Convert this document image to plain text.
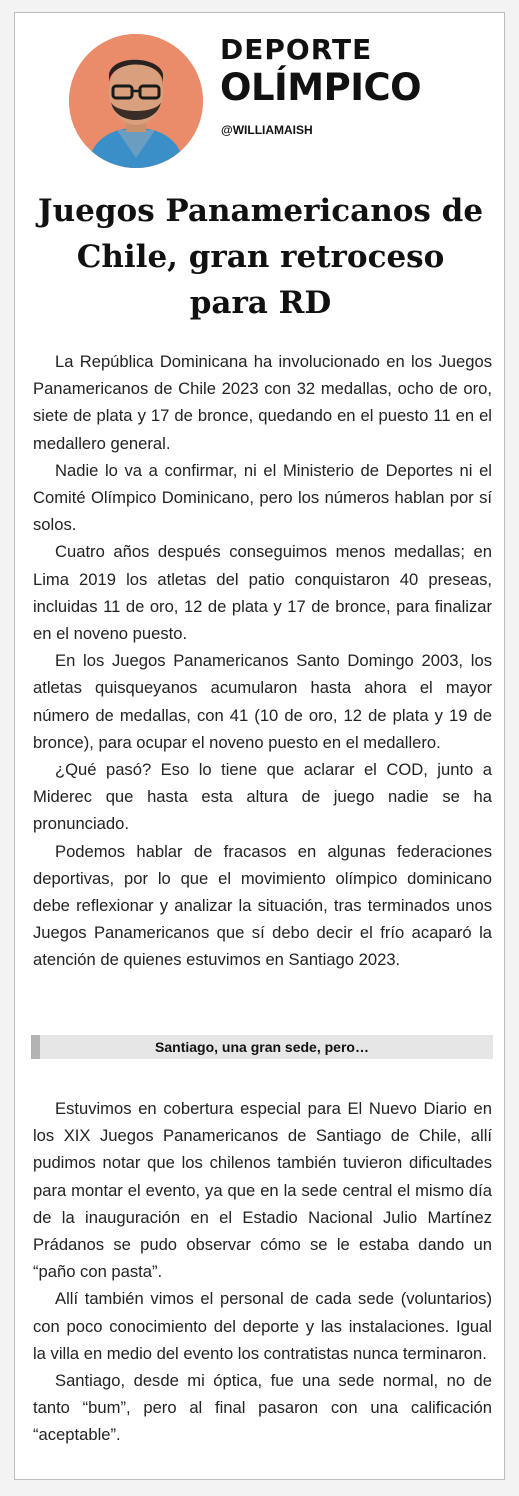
DEPORTE
OLÍMPICO
@WILLIAMAISH
Juegos Panamericanos de Chile, gran retroceso para RD

La República Dominicana ha involucionado en los Juegos Panamericanos de Chile 2023 con 32 medallas, ocho de oro, siete de plata y 17 de bronce, quedando en el puesto 11 en el medallero general.

Nadie lo va a confirmar, ni el Ministerio de Deportes ni el Comité Olímpico Dominicano, pero los números hablan por sí solos.

Cuatro años después conseguimos menos medallas; en Lima 2019 los atletas del patio conquistaron 40 preseas, incluidas 11 de oro, 12 de plata y 17 de bronce, para finalizar en el noveno puesto.

En los Juegos Panamericanos Santo Domingo 2003, los atletas quisqueyanos acumularon hasta ahora el mayor número de medallas, con 41 (10 de oro, 12 de plata y 19 de bronce), para ocupar el noveno puesto en el medallero.

¿Qué pasó? Eso lo tiene que aclarar el COD, junto a Miderec que hasta esta altura de juego nadie se ha pronunciado.

Podemos hablar de fracasos en algunas federaciones deportivas, por lo que el movimiento olímpico dominicano debe reflexionar y analizar la situación, tras terminados unos Juegos Panamericanos que sí debo decir el frío acaparó la atención de quienes estuvimos en Santiago 2023.

Santiago, una gran sede, pero…

Estuvimos en cobertura especial para El Nuevo Diario en los XIX Juegos Panamericanos de Santiago de Chile, allí pudimos notar que los chilenos también tuvieron dificultades para montar el evento, ya que en la sede central el mismo día de la inauguración en el Estadio Nacional Julio Martínez Prádanos se pudo observar cómo se le estaba dando un “paño con pasta”.

Allí también vimos el personal de cada sede (voluntarios) con poco conocimiento del deporte y las instalaciones. Igual la villa en medio del evento los contratistas nunca terminaron.

Santiago, desde mi óptica, fue una sede normal, no de tanto “bum”, pero al final pasaron con una calificación “aceptable”.
